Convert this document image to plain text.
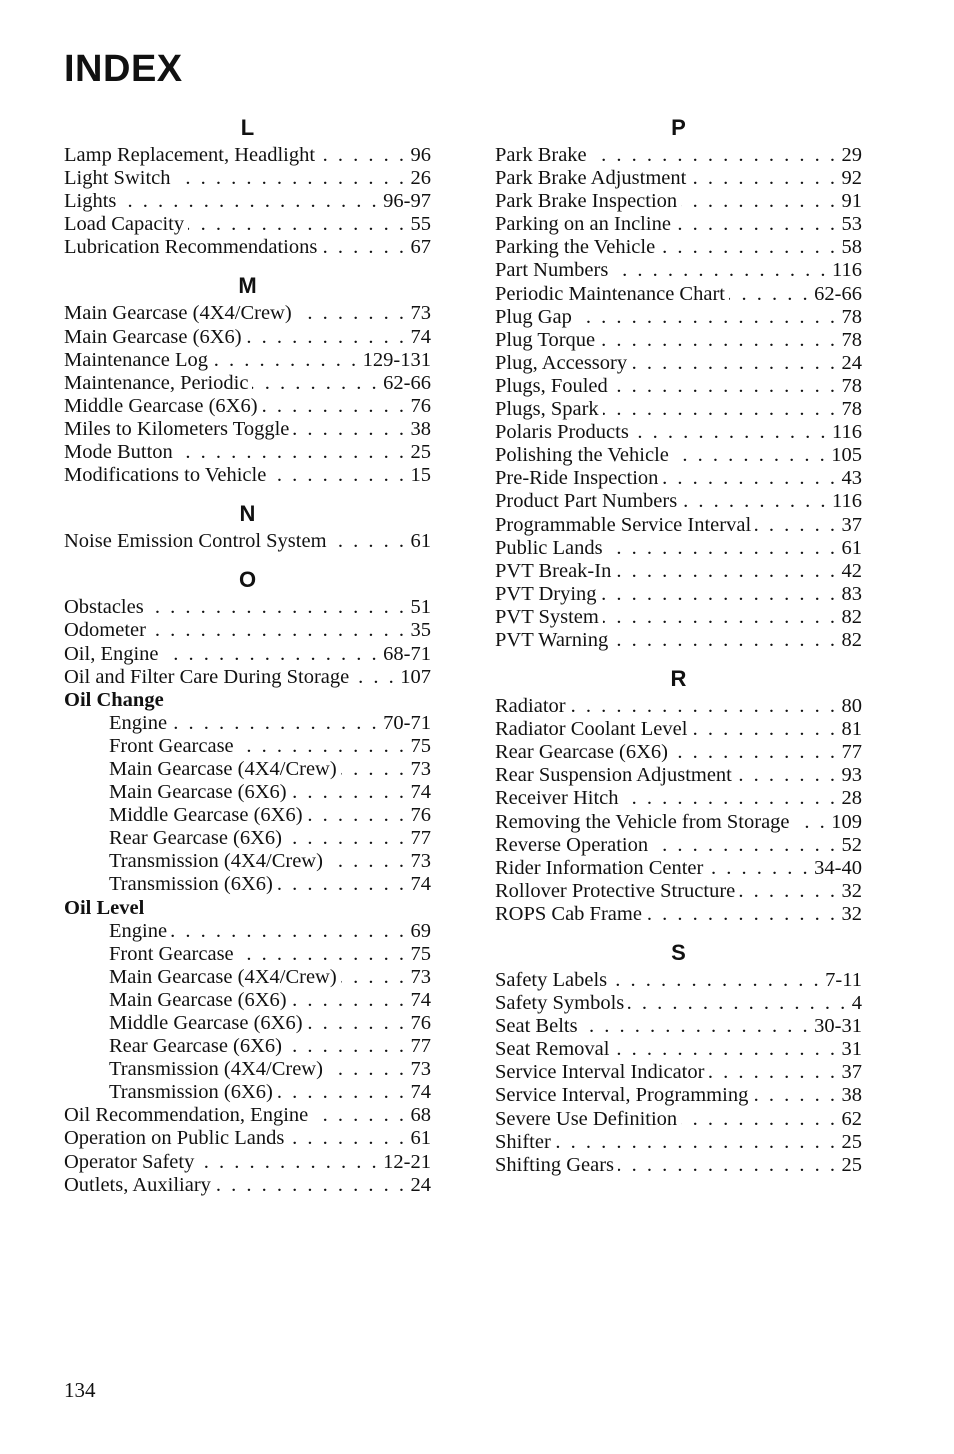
INDEX
L
Lamp Replacement, Headlight . . .	96
Light Switch . . .	26
Lights . . .	96-97
Load Capacity . . .	55
Lubrication Recommendations . . .	67
M
Main Gearcase (4X4/Crew) . . .	73
Main Gearcase (6X6) . . .	74
Maintenance Log . . .	129-131
Maintenance, Periodic . . .	62-66
Middle Gearcase (6X6) . . .	76
Miles to Kilometers Toggle . . .	38
Mode Button . . .	25
Modifications to Vehicle . . .	15
N
Noise Emission Control System . . .	61
O
Obstacles . . .	51
Odometer . . .	35
Oil, Engine . . .	68-71
Oil and Filter Care During Storage . . . 107
Oil Change
Engine . . .	70-71
Front Gearcase . . .	75
Main Gearcase (4X4/Crew) . . .	73
Main Gearcase (6X6) . . .	74
Middle Gearcase (6X6) . . .	76
Rear Gearcase (6X6) . . .	77
Transmission (4X4/Crew) . . .	73
Transmission (6X6) . . .	74
Oil Level
Engine . . .	69
Front Gearcase . . .	75
Main Gearcase (4X4/Crew) . . .	73
Main Gearcase (6X6) . . .	74
Middle Gearcase (6X6) . . .	76
Rear Gearcase (6X6) . . .	77
Transmission (4X4/Crew) . . .	73
Transmission (6X6) . . .	74
Oil Recommendation, Engine . . .	68
Operation on Public Lands . . .	61
Operator Safety . . .	12-21
Outlets, Auxiliary . . .	24
P
Park Brake . . .	29
Park Brake Adjustment . . .	92
Park Brake Inspection . . .	91
Parking on an Incline . . .	53
Parking the Vehicle . . .	58
Part Numbers . . .	116
Periodic Maintenance Chart . . .	62-66
Plug Gap . . .	78
Plug Torque . . .	78
Plug, Accessory . . .	24
Plugs, Fouled . . .	78
Plugs, Spark . . .	78
Polaris Products . . .	116
Polishing the Vehicle . . .	105
Pre-Ride Inspection . . .	43
Product Part Numbers . . .	116
Programmable Service Interval . . .	37
Public Lands . . .	61
PVT Break-In . . .	42
PVT Drying . . .	83
PVT System . . .	82
PVT Warning . . .	82
R
Radiator . . .	80
Radiator Coolant Level . . .	81
Rear Gearcase (6X6) . . .	77
Rear Suspension Adjustment . . .	93
Receiver Hitch . . .	28
Removing the Vehicle from Storage . . . 109
Reverse Operation . . .	52
Rider Information Center . . .	34-40
Rollover Protective Structure . . .	32
ROPS Cab Frame . . .	32
S
Safety Labels . . .	7-11
Safety Symbols . . .	4
Seat Belts . . .	30-31
Seat Removal . . .	31
Service Interval Indicator . . .	37
Service Interval, Programming . . .	38
Severe Use Definition . . .	62
Shifter . . .	25
Shifting Gears . . .	25
134
